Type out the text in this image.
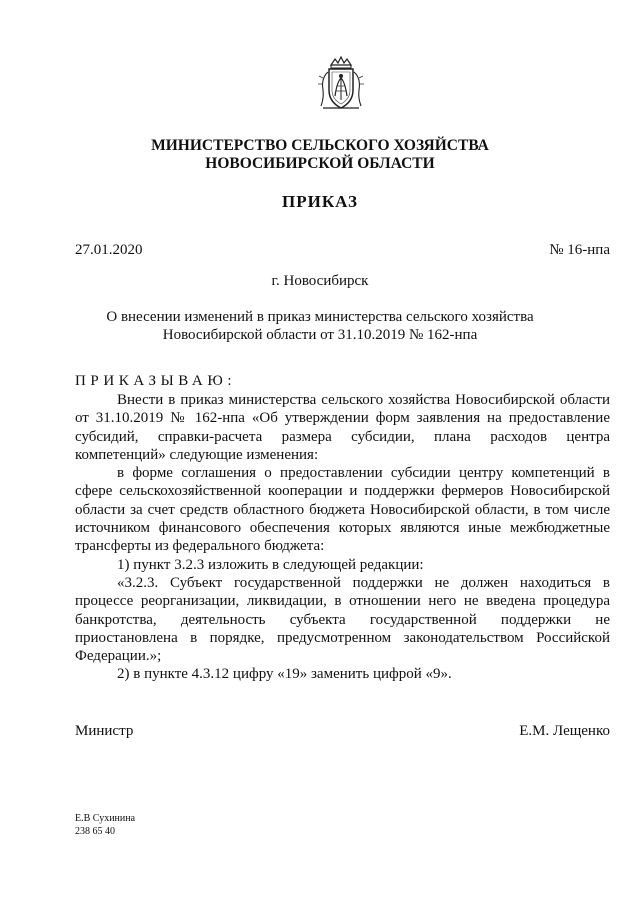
МИНИСТЕРСТВО СЕЛЬСКОГО ХОЗЯЙСТВА
НОВОСИБИРСКОЙ ОБЛАСТИ
ПРИКАЗ
27.01.2020	№ 16-нпа
г. Новосибирск
О внесении изменений в приказ министерства сельского хозяйства
Новосибирской области от 31.10.2019 № 162-нпа
ПРИКАЗЫВАЮ:

Внести в приказ министерства сельского хозяйства Новосибирской области от 31.10.2019 № 162-нпа «Об утверждении форм заявления на предоставление субсидий, справки-расчета размера субсидии, плана расходов центра компетенций» следующие изменения:

в форме соглашения о предоставлении субсидии центру компетенций в сфере сельскохозяйственной кооперации и поддержки фермеров Новосибирской области за счет средств областного бюджета Новосибирской области, в том числе источником финансового обеспечения которых являются иные межбюджетные трансферты из федерального бюджета:

1) пункт 3.2.3 изложить в следующей редакции:

«3.2.3. Субъект государственной поддержки не должен находиться в процессе реорганизации, ликвидации, в отношении него не введена процедура банкротства, деятельность субъекта государственной поддержки не приостановлена в порядке, предусмотренном законодательством Российской Федерации.»;

2) в пункте 4.3.12 цифру «19» заменить цифрой «9».

Министр	Е.М. Лещенко
Е.В Сухинина
238 65 40
